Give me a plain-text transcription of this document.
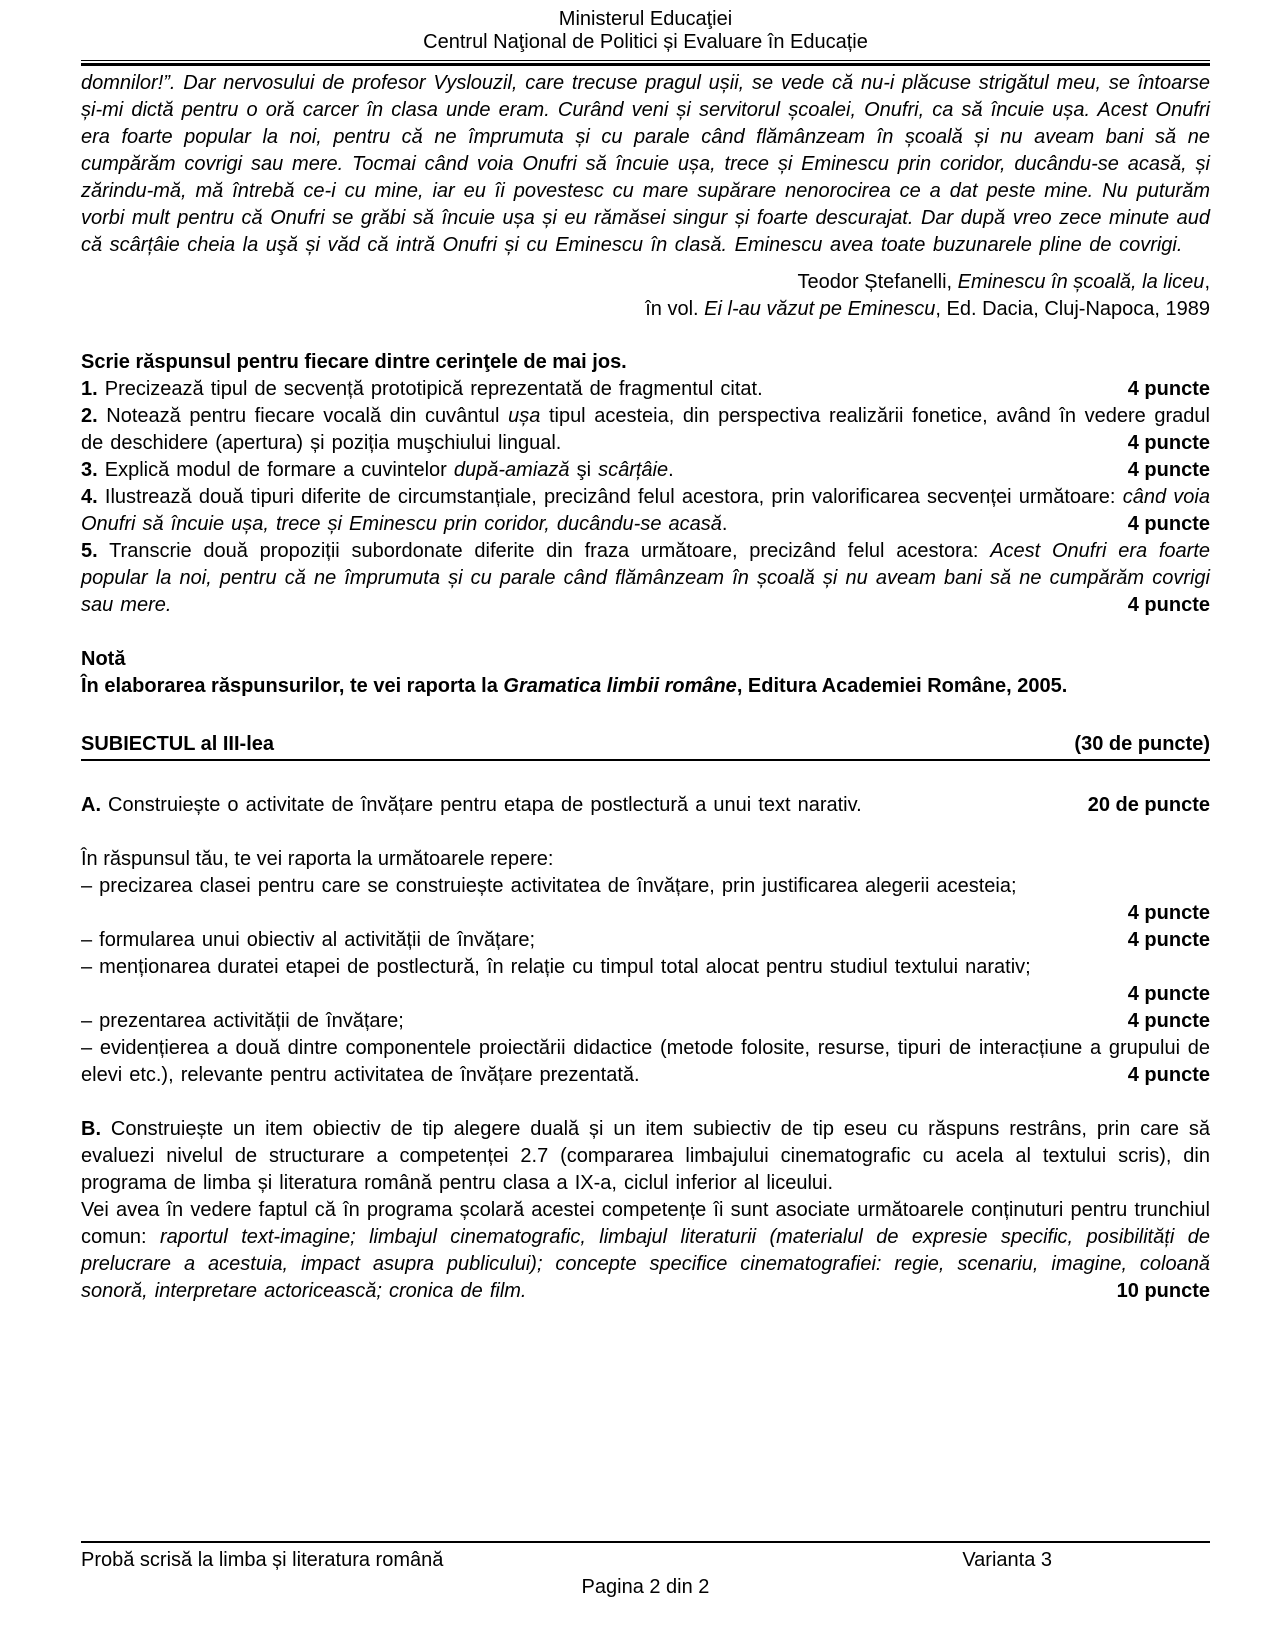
Ministerul Educaţiei
Centrul Naţional de Politici și Evaluare în Educație

domnilor!”. Dar nervosului de profesor Vyslouzil, care trecuse pragul ușii, se vede că nu-i plăcuse strigătul meu, se întoarse și-mi dictă pentru o oră carcer în clasa unde eram. Curând veni și servitorul școalei, Onufri, ca să încuie ușa. Acest Onufri era foarte popular la noi, pentru că ne împrumuta și cu parale când flămânzeam în școală și nu aveam bani să ne cumpărăm covrigi sau mere. Tocmai când voia Onufri să încuie ușa, trece și Eminescu prin coridor, ducându-se acasă, și zărindu-mă, mă întrebă ce-i cu mine, iar eu îi povestesc cu mare supărare nenorocirea ce a dat peste mine. Nu puturăm vorbi mult pentru că Onufri se grăbi să încuie ușa și eu rămăsei singur și foarte descurajat. Dar după vreo zece minute aud că scârțâie cheia la uşă și văd că intră Onufri și cu Eminescu în clasă. Eminescu avea toate buzunarele pline de covrigi.

Teodor Ștefanelli, Eminescu în școală, la liceu,
în vol. Ei l-au văzut pe Eminescu, Ed. Dacia, Cluj-Napoca, 1989

Scrie răspunsul pentru fiecare dintre cerinţele de mai jos.

4 puncte
1. Precizează tipul de secvență prototipică reprezentată de fragmentul citat.
4 puncte
2. Notează pentru fiecare vocală din cuvântul ușa tipul acesteia, din perspectiva realizării fonetice, având în vedere gradul de deschidere (apertura) și poziția muşchiului lingual.
4 puncte
3. Explică modul de formare a cuvintelor după-amiază şi scârțâie.
4 puncte
4. Ilustrează două tipuri diferite de circumstanțiale, precizând felul acestora, prin valorificarea secvenței următoare: când voia Onufri să încuie ușa, trece și Eminescu prin coridor, ducându-se acasă.
4 puncte
5. Transcrie două propoziții subordonate diferite din fraza următoare, precizând felul acestora: Acest Onufri era foarte popular la noi, pentru că ne împrumuta și cu parale când flămânzeam în școală și nu aveam bani să ne cumpărăm covrigi sau mere.
Notă
În elaborarea răspunsurilor, te vei raporta la Gramatica limbii române, Editura Academiei Române, 2005.
SUBIECTUL al III-lea	(30 de puncte)
20 de puncte
A. Construiește o activitate de învățare pentru etapa de postlectură a unui text narativ.
În răspunsul tău, te vei raporta la următoarele repere:
– precizarea clasei pentru care se construiește activitatea de învățare, prin justificarea alegerii acesteia;
4 puncte
4 puncte
– formularea unui obiectiv al activității de învățare;
– menționarea duratei etapei de postlectură, în relație cu timpul total alocat pentru studiul textului narativ;
4 puncte
4 puncte
– prezentarea activității de învățare;
4 puncte
– evidențierea a două dintre componentele proiectării didactice (metode folosite, resurse, tipuri de interacțiune a grupului de elevi etc.), relevante pentru activitatea de învățare prezentată.
B. Construiește un item obiectiv de tip alegere duală și un item subiectiv de tip eseu cu răspuns restrâns, prin care să evaluezi nivelul de structurare a competenței 2.7 (compararea limbajului cinematografic cu acela al textului scris), din programa de limba și literatura română pentru clasa a IX-a, ciclul inferior al liceului.
10 puncte
Vei avea în vedere faptul că în programa școlară acestei competențe îi sunt asociate următoarele conținuturi pentru trunchiul comun: raportul text-imagine; limbajul cinematografic, limbajul literaturii (materialul de expresie specific, posibilități de prelucrare a acestuia, impact asupra publicului); concepte specifice cinematografiei: regie, scenariu, imagine, coloană sonoră, interpretare actoricească; cronica de film.
Probă scrisă la limba și literatura română	Varianta 3
Pagina 2 din 2
